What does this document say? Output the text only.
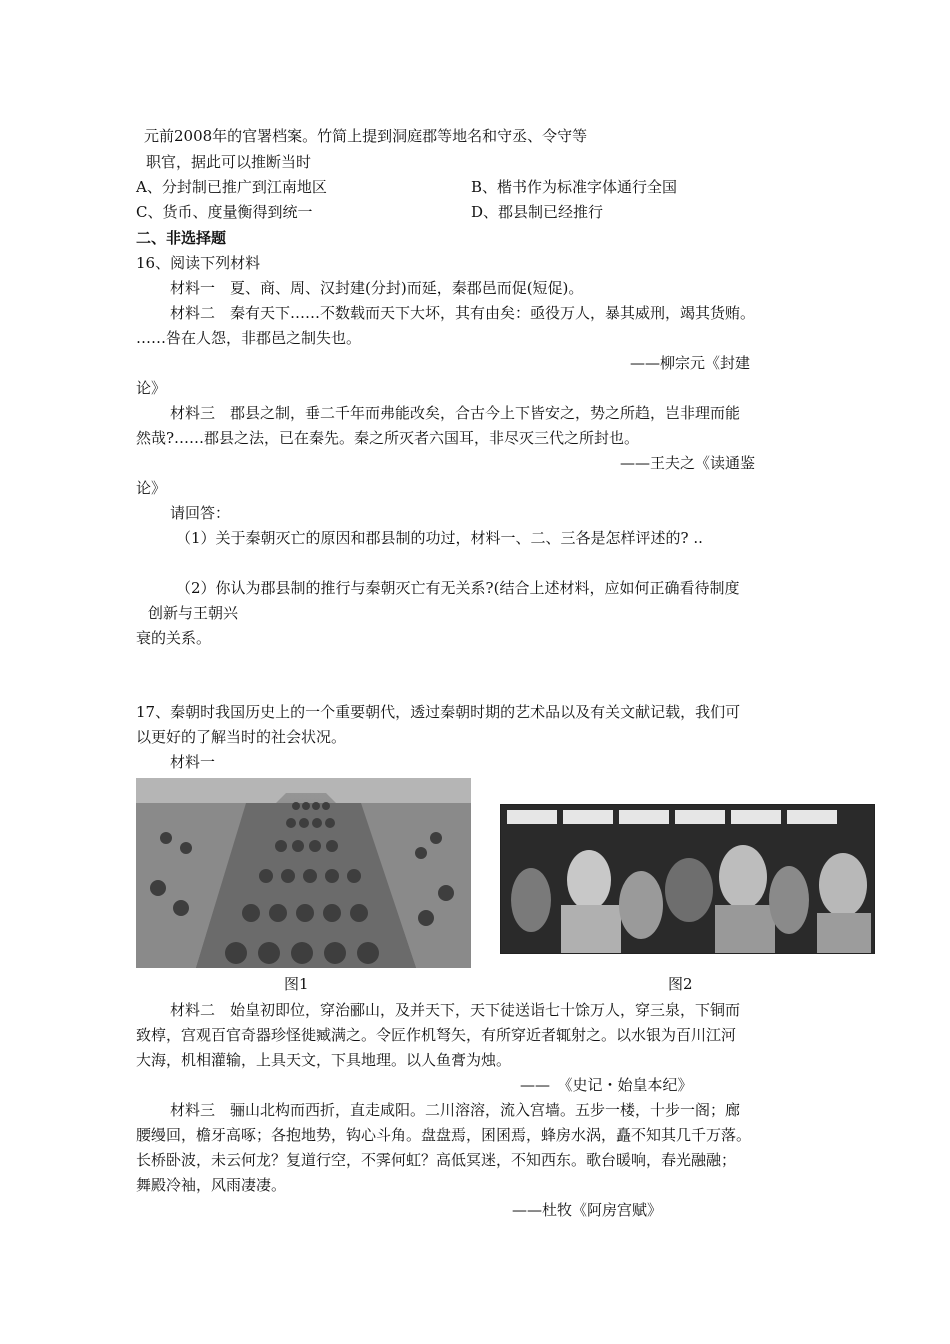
元前2008年的官署档案。竹简上提到洞庭郡等地名和守丞、令守等
职官，据此可以推断当时
A、分封制已推广到江南地区	B、楷书作为标准字体通行全国
C、货币、度量衡得到统一	D、郡县制已经推行
二、非选择题
16、阅读下列材料
材料一　夏、商、周、汉封建(分封)而延，秦郡邑而促(短促)。
材料二　秦有天下……不数载而天下大坏，其有由矣：亟役万人，暴其威刑，竭其货贿。
……咎在人怨，非郡邑之制失也。
——柳宗元《封建
论》
材料三　郡县之制，垂二千年而弗能改矣，合古今上下皆安之，势之所趋，岂非理而能
然哉?……郡县之法，已在秦先。秦之所灭者六国耳，非尽灭三代之所封也。
——王夫之《读通鉴
论》
请回答：
（1）关于秦朝灭亡的原因和郡县制的功过，材料一、二、三各是怎样评述的? ..
（2）你认为郡县制的推行与秦朝灭亡有无关系?(结合上述材料，应如何正确看待制度
创新与王朝兴
衰的关系。
17、秦朝时我国历史上的一个重要朝代，透过秦朝时期的艺术品以及有关文献记载，我们可
以更好的了解当时的社会状况。
材料一
图1	图2
材料二　始皇初即位，穿治郦山，及并天下，天下徒送诣七十馀万人，穿三泉，下铜而
致椁，宫观百官奇器珍怪徙臧满之。令匠作机弩矢，有所穿近者辄射之。以水银为百川江河
大海，机相灌输，上具天文，下具地理。以人鱼膏为烛。
——　《史记・始皇本纪》
材料三　骊山北构而西折，直走咸阳。二川溶溶，流入宫墙。五步一楼，十步一阁；廊
腰缦回，檐牙高啄；各抱地势，钩心斗角。盘盘焉，囷囷焉，蜂房水涡，矗不知其几千万落。
长桥卧波，未云何龙？复道行空，不霁何虹？高低冥迷，不知西东。歌台暖响，春光融融；
舞殿冷袖，风雨凄凄。
——杜牧《阿房宫赋》
